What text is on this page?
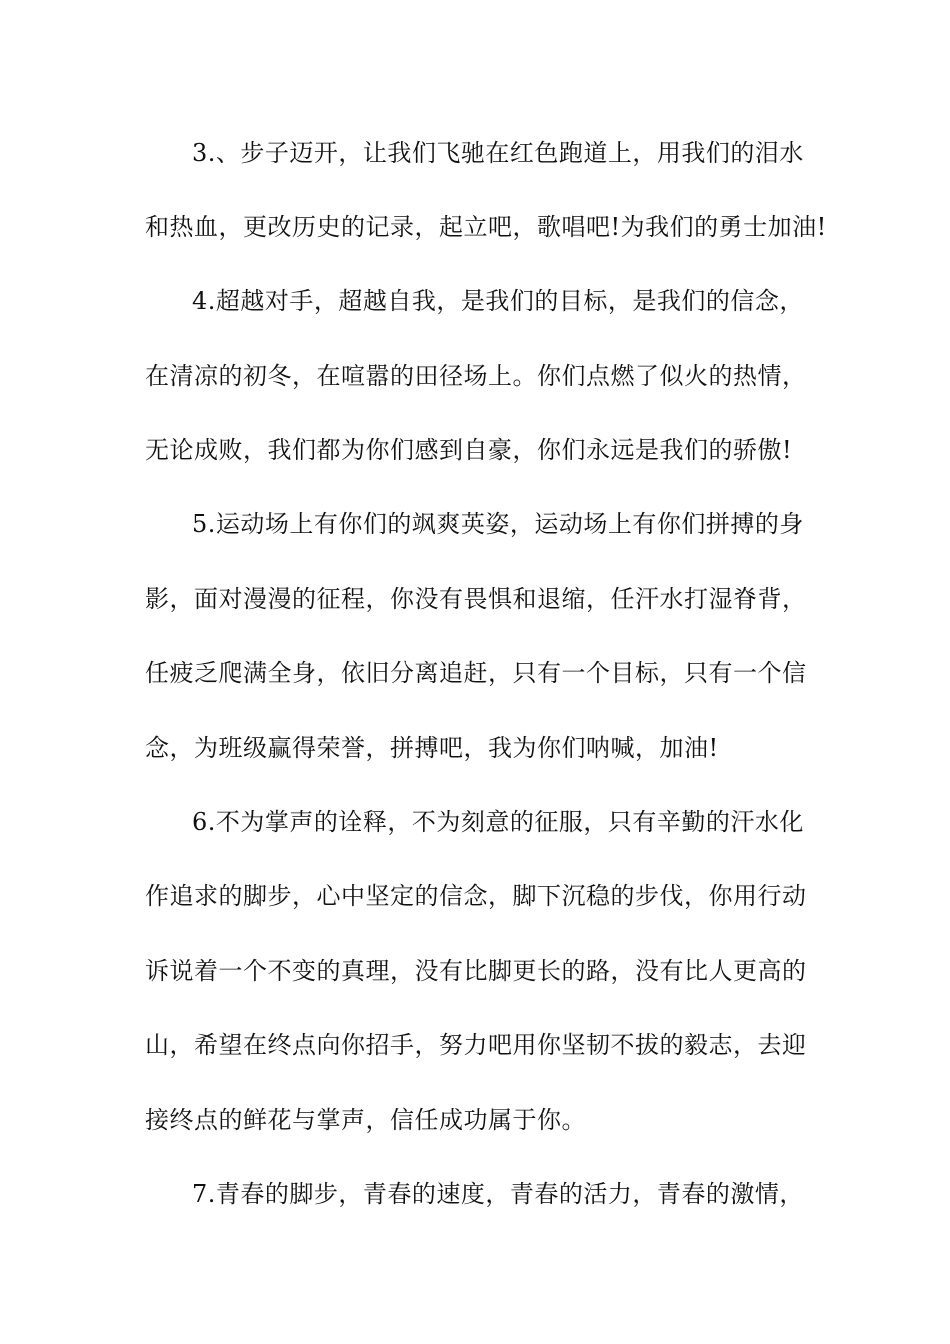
3.、步子迈开，让我们飞驰在红色跑道上，用我们的泪水
和热血，更改历史的记录，起立吧，歌唱吧!为我们的勇士加油!
4.超越对手，超越自我，是我们的目标，是我们的信念，
在清凉的初冬，在喧嚣的田径场上。你们点燃了似火的热情，
无论成败，我们都为你们感到自豪，你们永远是我们的骄傲!
5.运动场上有你们的飒爽英姿，运动场上有你们拼搏的身
影，面对漫漫的征程，你没有畏惧和退缩，任汗水打湿脊背，
任疲乏爬满全身，依旧分离追赶，只有一个目标，只有一个信
念，为班级赢得荣誉，拼搏吧，我为你们呐喊，加油!
6.不为掌声的诠释，不为刻意的征服，只有辛勤的汗水化
作追求的脚步，心中坚定的信念，脚下沉稳的步伐，你用行动
诉说着一个不变的真理，没有比脚更长的路，没有比人更高的
山，希望在终点向你招手，努力吧用你坚韧不拔的毅志，去迎
接终点的鲜花与掌声，信任成功属于你。
7.青春的脚步，青春的速度，青春的活力，青春的激情，
